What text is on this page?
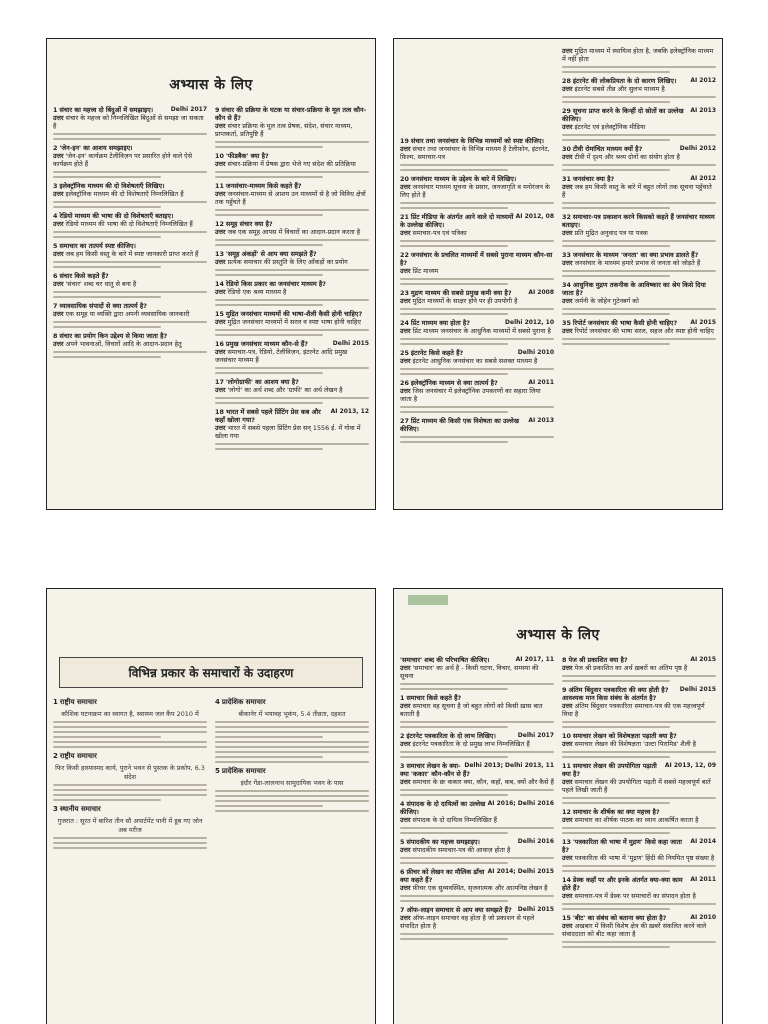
अभ्यास के लिए
Delhi 2017
1 संचार का महत्त्व दो बिंदुओं में समझाइए।
उत्तर संचार के महत्त्व को निम्नलिखित बिंदुओं से समझा जा सकता है
2 'जेन-इन' का आशय समझाइए।
उत्तर 'जेन-इन' कार्यक्रम टेलीविज़न पर प्रसारित होने वाले ऐसे कार्यक्रम होते हैं
3 इलेक्ट्रॉनिक माध्यम की दो विशेषताएँ लिखिए।
उत्तर इलेक्ट्रॉनिक माध्यम की दो विशेषताएँ निम्नलिखित हैं
4 रेडियो माध्यम की भाषा की दो विशेषताएँ बताइए।
उत्तर रेडियो माध्यम की भाषा की दो विशेषताएँ निम्नलिखित हैं
5 समाचार का तात्पर्य स्पष्ट कीजिए।
उत्तर जब हम किसी वस्तु के बारे में स्पष्ट जानकारी प्राप्त करते हैं
6 संचार किसे कहते हैं?
उत्तर 'संचार' शब्द चर धातु से बना है
7 व्यावसायिक संपादों से क्या तात्पर्य है?
उत्तर एक समूह या व्यक्ति द्वारा अपनी व्यवसायिक जानकारी
8 संचार का प्रयोग किन उद्देश्य से किया जाता है?
उत्तर अपने भावनाओं, विचारों आदि के आदान-प्रदान हेतु
9 संचार की प्रक्रिया के घटक या संचार-प्रक्रिया के मूल तत्व कौन-कौन से हैं?
उत्तर संचार प्रक्रिया के मूल तत्व प्रेषक, संदेश, संचार माध्यम, प्राप्तकर्ता, प्रतिपुष्टि हैं
10 'फीडबैक' क्या है?
उत्तर संचार-प्रक्रिया में प्रेषक द्वारा भेजे गए संदेश की प्रतिक्रिया
11 जनसंचार-माध्यम किसे कहते हैं?
उत्तर जनसंचार-माध्यम से आशय उन माध्यमों से है जो विविध क्षेत्रों तक पहुँचते हैं
12 समूह संचार क्या है?
उत्तर जब एक समूह आपस में विचारों का आदान-प्रदान करता है
13 'समूह अंकड़ों' से आप क्या समझते हैं?
उत्तर प्रत्येक समाचार की प्रस्तुति के लिए आँकड़ों का प्रयोग
14 रेडियो किस प्रकार का जनसंचार माध्यम है?
उत्तर रेडियो एक श्रव्य माध्यम है
15 मुद्रित जनसंचार माध्यमों की भाषा-शैली कैसी होनी चाहिए?
उत्तर मुद्रित जनसंचार माध्यमों में सरल व स्पष्ट भाषा होनी चाहिए
Delhi 2015
16 प्रमुख जनसंचार माध्यम कौन-से हैं?
उत्तर समाचार-पत्र, रेडियो, टेलीविज़न, इंटरनेट आदि प्रमुख जनसंचार माध्यम हैं
17 'लोगोग्राफी' का आशय क्या है?
उत्तर 'लोगो' का अर्थ शब्द और 'ग्राफी' का अर्थ लेखन है
AI 2013, 12
18 भारत में सबसे पहले प्रिंटिंग प्रेस कब और कहाँ खोला गया?
उत्तर भारत में सबसे पहला प्रिंटिंग प्रेस सन् 1556 ई. में गोवा में खोला गया
19 संचार तथा जनसंचार के विभिन्न माध्यमों को स्पष्ट कीजिए।
उत्तर संचार तथा जनसंचार के विभिन्न माध्यम हैं टेलीफ़ोन, इंटरनेट, फ़िल्म, समाचार-पत्र
20 जनसंचार माध्यम के उद्देश्य के बारे में लिखिए।
उत्तर जनसंचार माध्यम सूचना के प्रसार, जनजागृति व मनोरंजन के लिए होते हैं
AI 2012, 08
21 प्रिंट मीडिया के अंतर्गत आने वाले दो माध्यमों के उल्लेख कीजिए।
उत्तर समाचार-पत्र एवं पत्रिका
22 जनसंचार के प्रचलित माध्यमों में सबसे पुराना माध्यम कौन-सा है?
उत्तर प्रिंट माध्यम
AI 2008
23 मुद्रण माध्यम की सबसे प्रमुख कमी क्या है?
उत्तर मुद्रित माध्यमों के साक्षर होने पर ही उपयोगी है
Delhi 2012, 10
24 प्रिंट माध्यम क्या होता है?
उत्तर प्रिंट माध्यम जनसंचार के आधुनिक माध्यमों में सबसे पुराना है
Delhi 2010
25 इंटरनेट किसे कहते हैं?
उत्तर इंटरनेट आधुनिक जनसंचार का सबसे सशक्त माध्यम है
AI 2011
26 इलेक्ट्रॉनिक माध्यम से क्या तात्पर्य है?
उत्तर जिस जनसंचार में इलेक्ट्रॉनिक उपकरणों का सहारा लिया जाता है
AI 2013
27 प्रिंट माध्यम की किसी एक विशेषता का उल्लेख कीजिए।
उत्तर मुद्रित माध्यम में स्थायित्व होता है, जबकि इलेक्ट्रॉनिक माध्यम में नहीं होता
AI 2012
28 इंटरनेट की लोकप्रियता के दो कारण लिखिए।
उत्तर इंटरनेट सबसे तीव्र और सुलभ माध्यम है
AI 2013
29 सूचना प्राप्त करने के किन्हीं दो स्रोतों का उल्लेख कीजिए।
उत्तर इंटरनेट एवं इलेक्ट्रॉनिक मीडिया
Delhi 2012
30 टीवी रोमांचित माध्यम क्यों है?
उत्तर टीवी में दृश्य और श्रव्य दोनों का संयोग होता है
AI 2012
31 जनसंचार क्या है?
उत्तर जब हम किसी वस्तु के बारे में बहुत लोगों तक सूचना पहुँचाते हैं
32 समाचार-पत्र प्रकाशन करने किसको कहते हैं जनसंचार माध्यम बताइए।
उत्तर प्रति मुद्रित अनुवाद पत्र या पत्रक
33 जनसंचार के माध्यम 'जनता' का क्या प्रभाव डालते हैं?
उत्तर जनसंचार के माध्यम हमारे प्रभाव से जनता को जोड़ते हैं
34 आधुनिक मुद्रण तकनीक के आविष्कार का श्रेय किसे दिया जाता है?
उत्तर जर्मनी के जोहेन गुटेनबर्ग को
AI 2015
35 रिपोर्ट जनसंचार की भाषा कैसी होनी चाहिए?
उत्तर रिपोर्ट जनसंचार की भाषा सरल, सहज और स्पष्ट होनी चाहिए
विभिन्न प्रकार के समाचारों के उदाहरण
1 राष्ट्रीय समाचार
कौशिक घटनाक्रम का स्वागत है, स्वास्थ्य जल कैंप 2010 में
2 राष्ट्रीय समाचार
फिर किसी हास्यास्पद कार्य, पुराने भवन से पुस्तक के प्रकोप, 6.3 संदेश
3 स्थानीय समाचार
गुजरात : सूरत में बारिश तीन सौ अपार्टमेंट पानी में डूब गए जोन अब मरीज
4 प्रादेशिक समाचार
बीकानेर में भयावह भूकंप, 5.4 तीव्रता, दहशत
5 प्रादेशिक समाचार
इंदौर गेंडा-लालनाथ सामुदायिक भवन के पास
अभ्यास के लिए
AI 2017, 11
'समाचार' शब्द की परिभाषित कीजिए।
उत्तर 'समाचार' का अर्थ है - किसी घटना, विचार, समस्या की सूचना
1 समाचार किसे कहते हैं?
उत्तर समाचार वह सूचना है जो बहुत लोगों को किसी ख़ास बात बताती है
Delhi 2017
2 इंटरनेट पत्रकारिता के दो लाभ लिखिए।
उत्तर इंटरनेट पत्रकारिता के दो प्रमुख लाभ निम्नलिखित हैं
Delhi 2013; Delhi 2013, 11
3 समाचार लेखन के क्या-क्या 'ककार' कौन-कौन से हैं?
उत्तर समाचार के छः ककार क्या, कौन, कहाँ, कब, क्यों और कैसे हैं
AI 2016; Delhi 2016
4 संपादक के दो दायित्वों का उल्लेख कीजिए।
उत्तर संपादक के दो दायित्व निम्नलिखित हैं
Delhi 2016
5 संपादकीय का महत्त्व समझाइए।
उत्तर संपादकीय समाचार-पत्र की आवाज़ होता है
AI 2014; Delhi 2015
6 फ़ीचर को लेखन का मौलिक ढाँचा क्या कहते हैं?
उत्तर फ़ीचर एक सुव्यवस्थित, सृजनात्मक और आत्मनिष्ठ लेखन है
Delhi 2015
7 ऑफ-लाइन समाचार से आप क्या समझते हैं?
उत्तर ऑफ-लाइन समाचार वह होता है जो प्रकाशन से पहले संपादित होता है
AI 2015
8 पेज श्री प्रकाशित क्या है?
उत्तर पेज श्री प्रकाशित का अर्थ ख़बरों का अंतिम पृष्ठ है
Delhi 2015
9 अंतिम बिंदुवार पत्रकारिता की क्या होती है? आवश्यक मान किस संबंध के अंतर्गत है?
उत्तर अंतिम बिंदुवार पत्रकारिता समाचार-पत्र की एक महत्त्वपूर्ण विधा है
10 समाचार लेखन को विशेषज्ञता पढ़ाती क्या है?
उत्तर समाचार लेखन की विशेषज्ञता 'उल्टा पिरामिड' शैली है
AI 2013, 12, 09
11 समाचार लेखन की उपयोगिता पढ़ाती क्या है?
उत्तर समाचार लेखन की उपयोगिता पढ़ती में सबसे महत्त्वपूर्ण बातें पहले लिखी जाती हैं
12 समाचार के शीर्षक का क्या महत्त्व है?
उत्तर समाचार का शीर्षक पाठक का ध्यान आकर्षित करता है
AI 2014
13 'पत्रकारिता की भाषा में मुद्रण' किसे कहा जाता है?
उत्तर पत्रकारिता की भाषा में 'मुद्रण' हिंदी की नियमित पृष्ठ संख्या है
AI 2011
14 डेस्क कहाँ पर और इनके अंतर्गत क्या-क्या काम होते हैं?
उत्तर समाचार-पत्र में डेस्क पर समाचारों का संपादन होता है
AI 2010
15 'बीट' का संबंध को बताना क्या होता है?
उत्तर अखबार में किसी विशेष क्षेत्र की ख़बरें संकलित करने वाले संवाददाता को बीट कहा जाता है
